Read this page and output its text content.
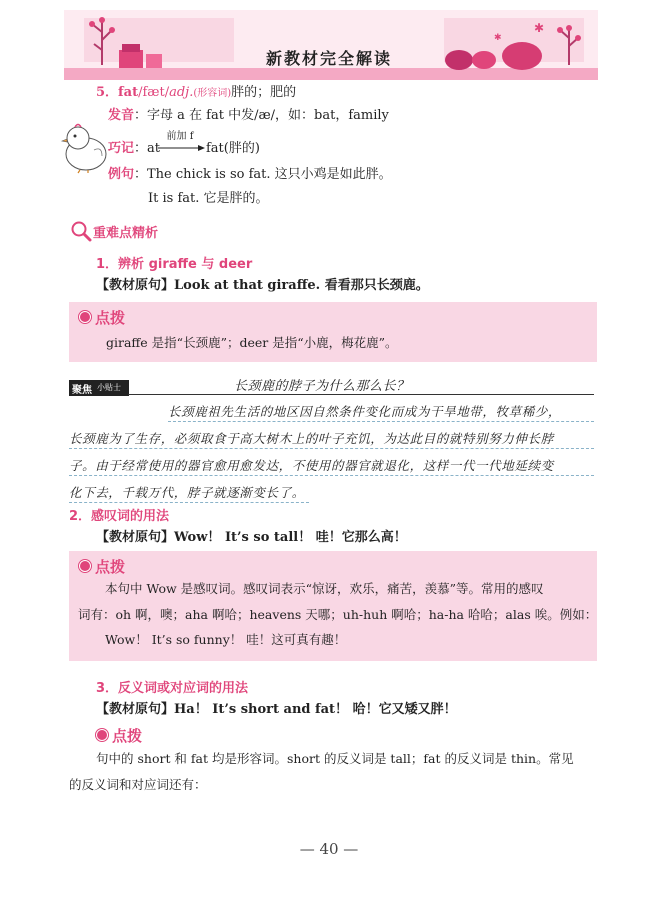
✱
✱
新教材完全解读
5．fat/fæt/adj.(形容词)胖的；肥的
发音：字母 a 在 fat 中发/æ/，如：bat，family
巧记：at
前加 f
fat(胖的)
例句：The chick is so fat. 这只小鸡是如此胖。
It is fat. 它是胖的。
重难点精析
1．辨析 giraffe 与 deer
【教材原句】Look at that giraffe. 看看那只长颈鹿。
点拨
giraffe 是指“长颈鹿”；deer 是指“小鹿，梅花鹿”。
聚焦 小贴士	长颈鹿的脖子为什么那么长？
长颈鹿祖先生活的地区因自然条件变化而成为干旱地带，牧草稀少，
长颈鹿为了生存，必须取食于高大树木上的叶子充饥，为达此目的就特别努力伸长脖
子。由于经常使用的器官愈用愈发达，不使用的器官就退化，这样一代一代地延续变
化下去，千载万代，脖子就逐渐变长了。
2．感叹词的用法
【教材原句】Wow！ It’s so tall！ 哇！它那么高！
点拨
本句中 Wow 是感叹词。感叹词表示“惊讶，欢乐，痛苦，羡慕”等。常用的感叹
词有：oh 啊，噢；aha 啊哈；heavens 天哪；uh-huh 啊哈；ha-ha 哈哈；alas 唉。例如：
Wow！ It’s so funny！ 哇！这可真有趣！
3．反义词或对应词的用法
【教材原句】Ha！ It’s short and fat！ 哈！它又矮又胖！
点拨
句中的 short 和 fat 均是形容词。short 的反义词是 tall；fat 的反义词是 thin。常见
的反义词和对应词还有：
— 40 —
